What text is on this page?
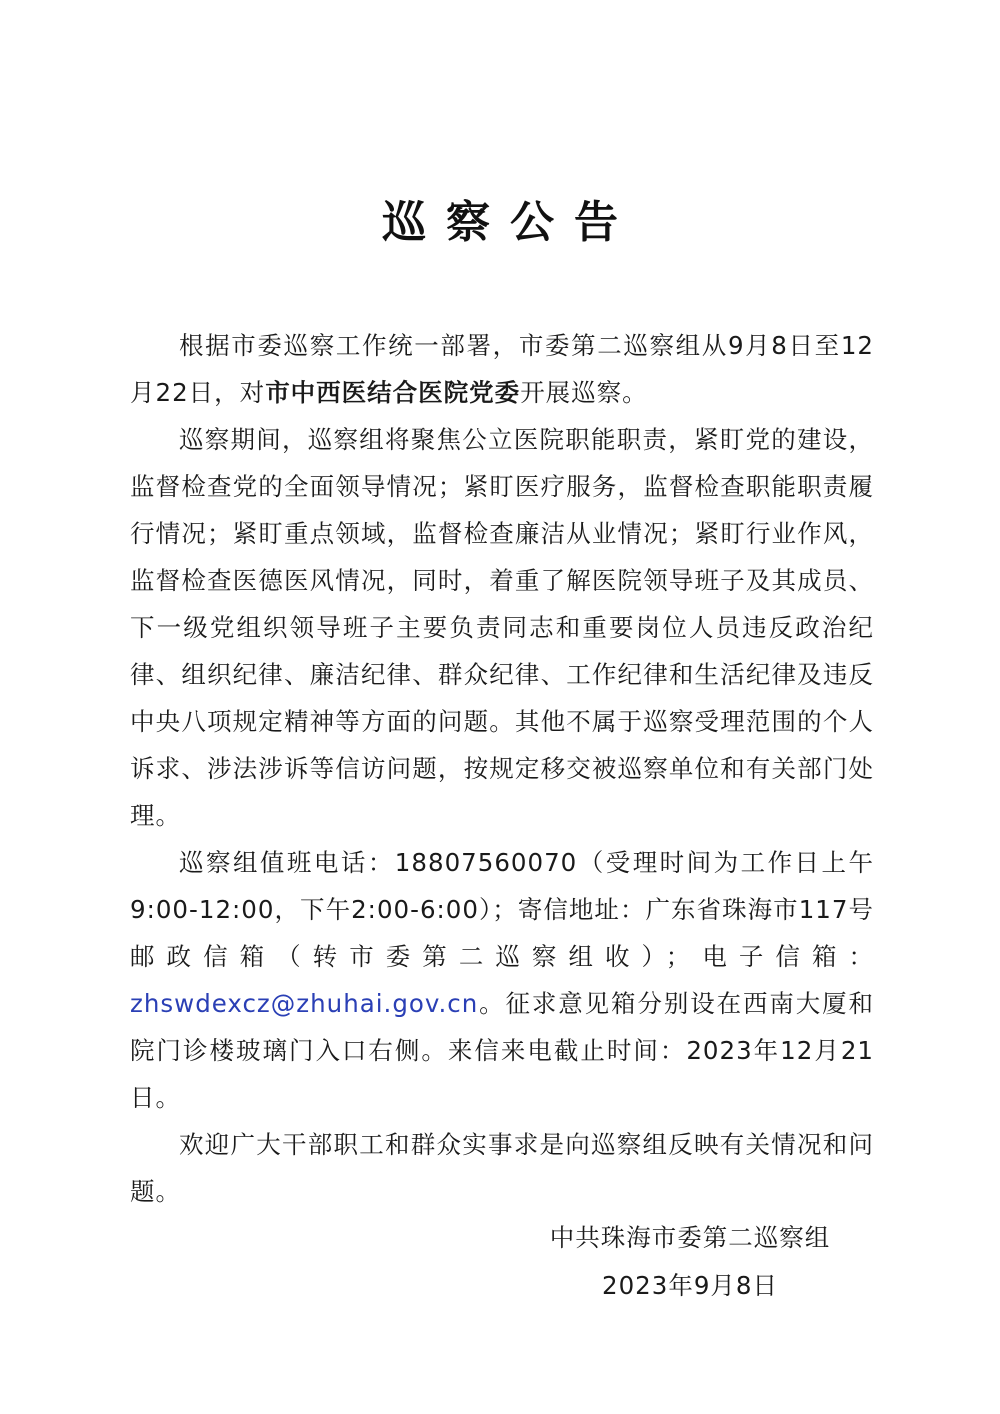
巡察公告

根据市委巡察工作统一部署，市委第二巡察组从9月8日至12月22日，对市中西医结合医院党委开展巡察。

巡察期间，巡察组将聚焦公立医院职能职责，紧盯党的建设，监督检查党的全面领导情况；紧盯医疗服务，监督检查职能职责履行情况；紧盯重点领域，监督检查廉洁从业情况；紧盯行业作风，监督检查医德医风情况，同时，着重了解医院领导班子及其成员、下一级党组织领导班子主要负责同志和重要岗位人员违反政治纪律、组织纪律、廉洁纪律、群众纪律、工作纪律和生活纪律及违反中央八项规定精神等方面的问题。其他不属于巡察受理范围的个人诉求、涉法涉诉等信访问题，按规定移交被巡察单位和有关部门处理。

巡察组值班电话：18807560070（受理时间为工作日上午9:00-12:00，下午2:00-6:00）；寄信地址：广东省珠海市117号邮政信箱（转市委第二巡察组收）；电子信箱：zhswdexcz@zhuhai.gov.cn。征求意见箱分别设在西南大厦和院门诊楼玻璃门入口右侧。来信来电截止时间：2023年12月21日。

欢迎广大干部职工和群众实事求是向巡察组反映有关情况和问题。

中共珠海市委第二巡察组
2023年9月8日
